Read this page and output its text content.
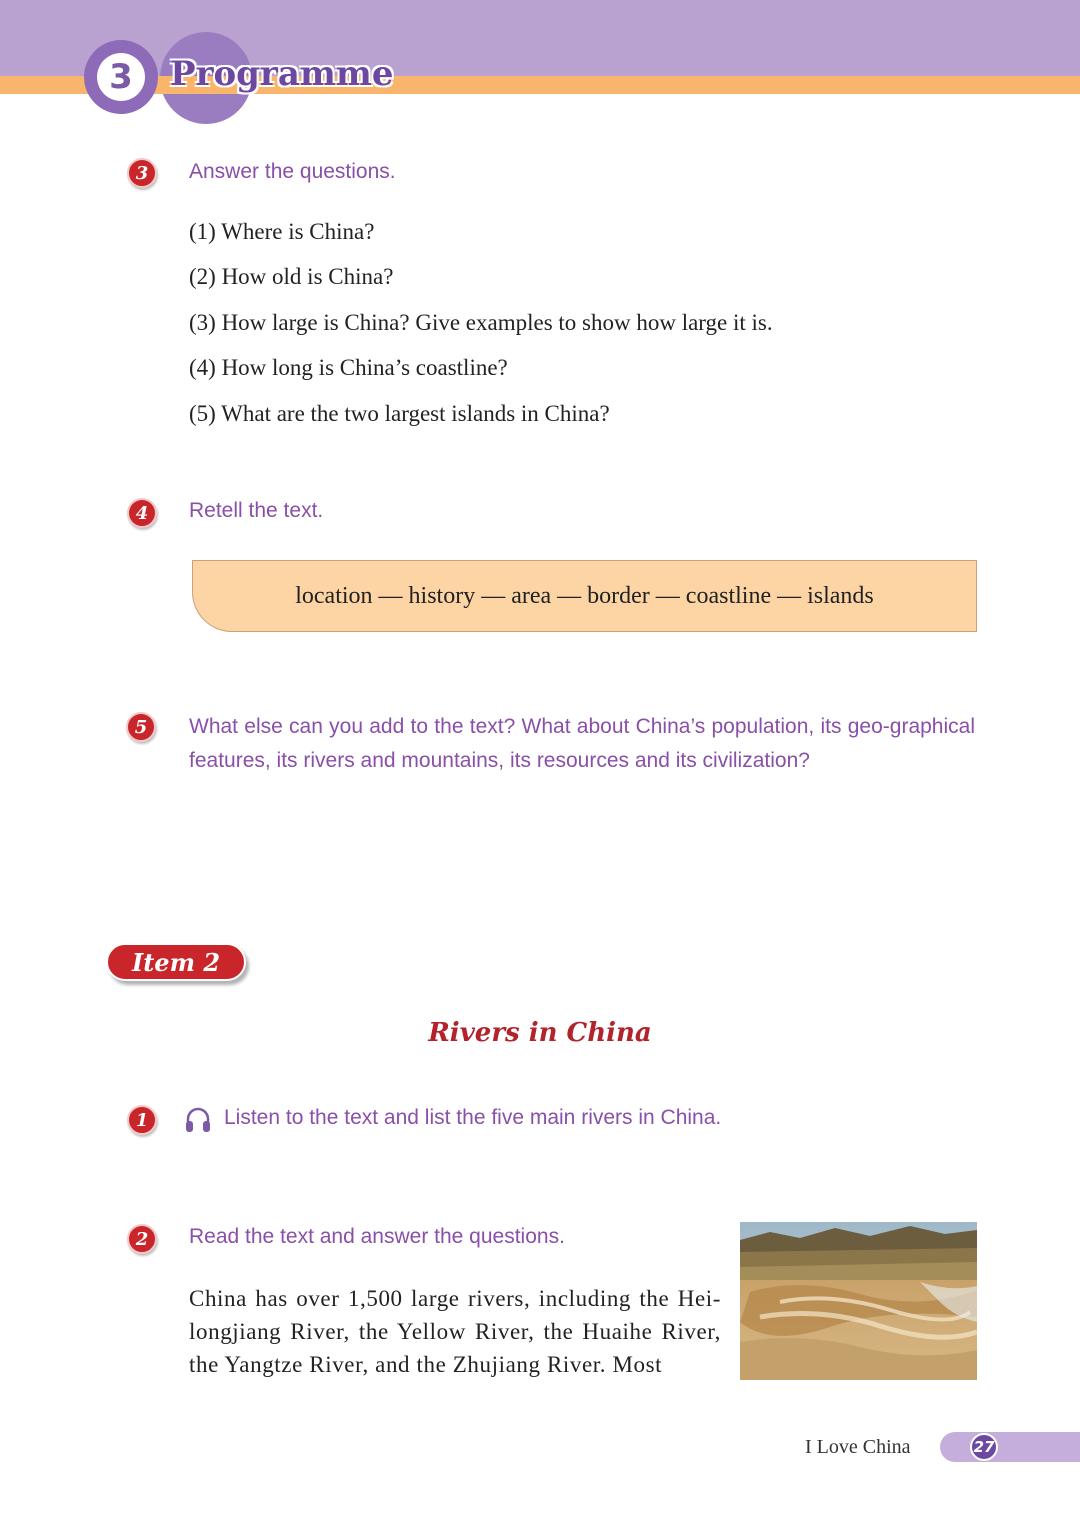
3	Programme
3	Answer the questions.
(1) Where is China?
(2) How old is China?
(3) How large is China? Give examples to show how large it is.
(4) How long is China’s coastline?
(5) What are the two largest islands in China?
4	Retell the text.
location — history — area — border — coastline — islands
5	What else can you add to the text? What about China’s population, its geo-graphical features, its rivers and mountains, its resources and its civilization?
Item 2
Rivers in China
1	Listen to the text and list the five main rivers in China.
2	Read the text and answer the questions.
China has over 1,500 large rivers, including the Hei-longjiang River, the Yellow River, the Huaihe River, the Yangtze River, and the Zhujiang River. Most
I Love China	27
